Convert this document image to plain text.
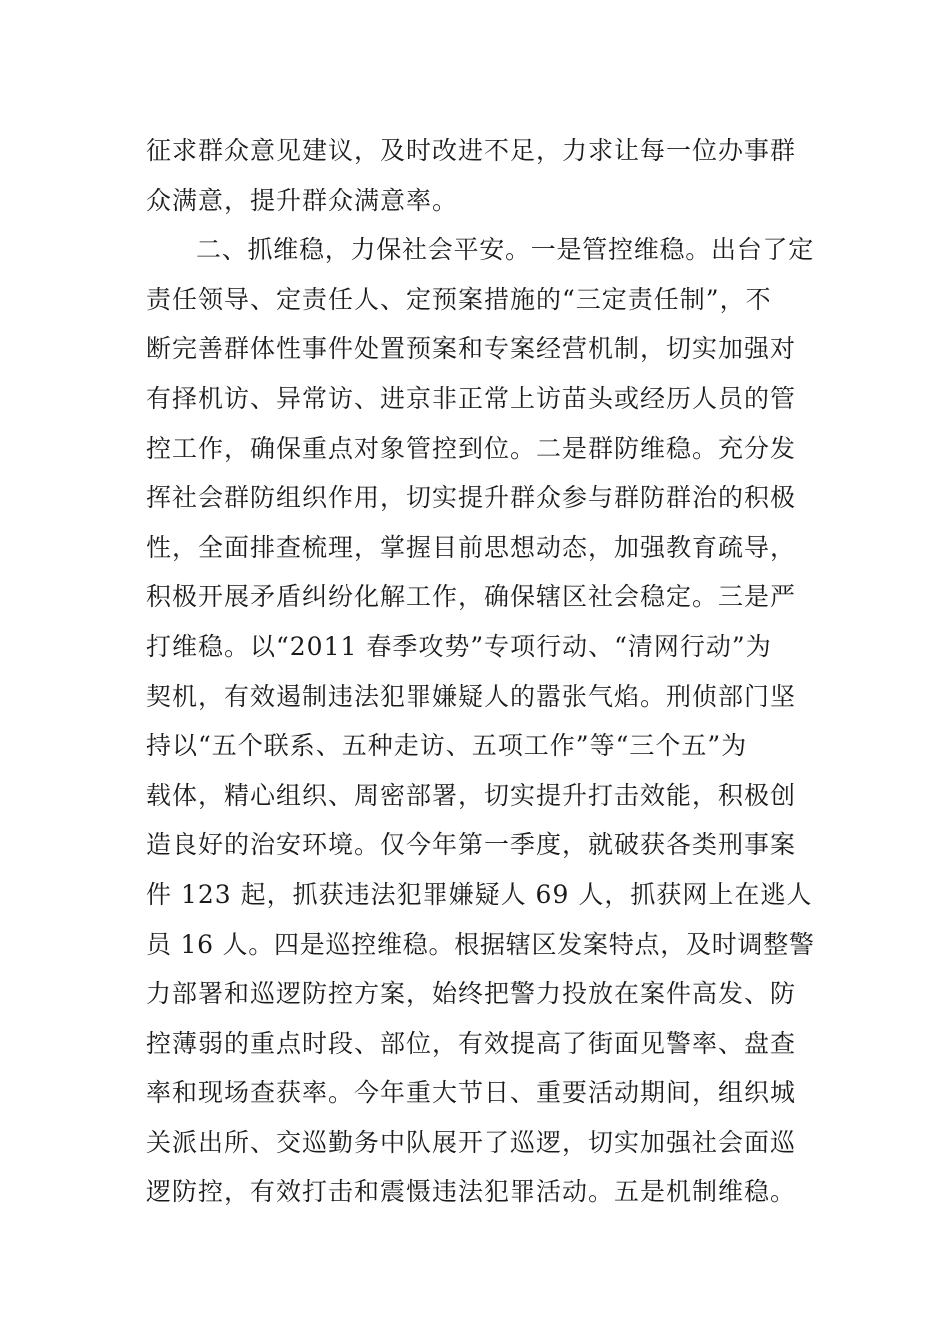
征求群众意见建议，及时改进不足，力求让每一位办事群
众满意，提升群众满意率。
二、抓维稳，力保社会平安。一是管控维稳。出台了定
责任领导、定责任人、定预案措施的“三定责任制”，不
断完善群体性事件处置预案和专案经营机制，切实加强对
有择机访、异常访、进京非正常上访苗头或经历人员的管
控工作，确保重点对象管控到位。二是群防维稳。充分发
挥社会群防组织作用，切实提升群众参与群防群治的积极
性，全面排查梳理，掌握目前思想动态，加强教育疏导，
积极开展矛盾纠纷化解工作，确保辖区社会稳定。三是严
打维稳。以“2011 春季攻势”专项行动、“清网行动”为
契机，有效遏制违法犯罪嫌疑人的嚣张气焰。刑侦部门坚
持以“五个联系、五种走访、五项工作”等“三个五”为
载体，精心组织、周密部署，切实提升打击效能，积极创
造良好的治安环境。仅今年第一季度，就破获各类刑事案
件 123 起，抓获违法犯罪嫌疑人 69 人，抓获网上在逃人
员 16 人。四是巡控维稳。根据辖区发案特点，及时调整警
力部署和巡逻防控方案，始终把警力投放在案件高发、防
控薄弱的重点时段、部位，有效提高了街面见警率、盘查
率和现场查获率。今年重大节日、重要活动期间，组织城
关派出所、交巡勤务中队展开了巡逻，切实加强社会面巡
逻防控，有效打击和震慑违法犯罪活动。五是机制维稳。
